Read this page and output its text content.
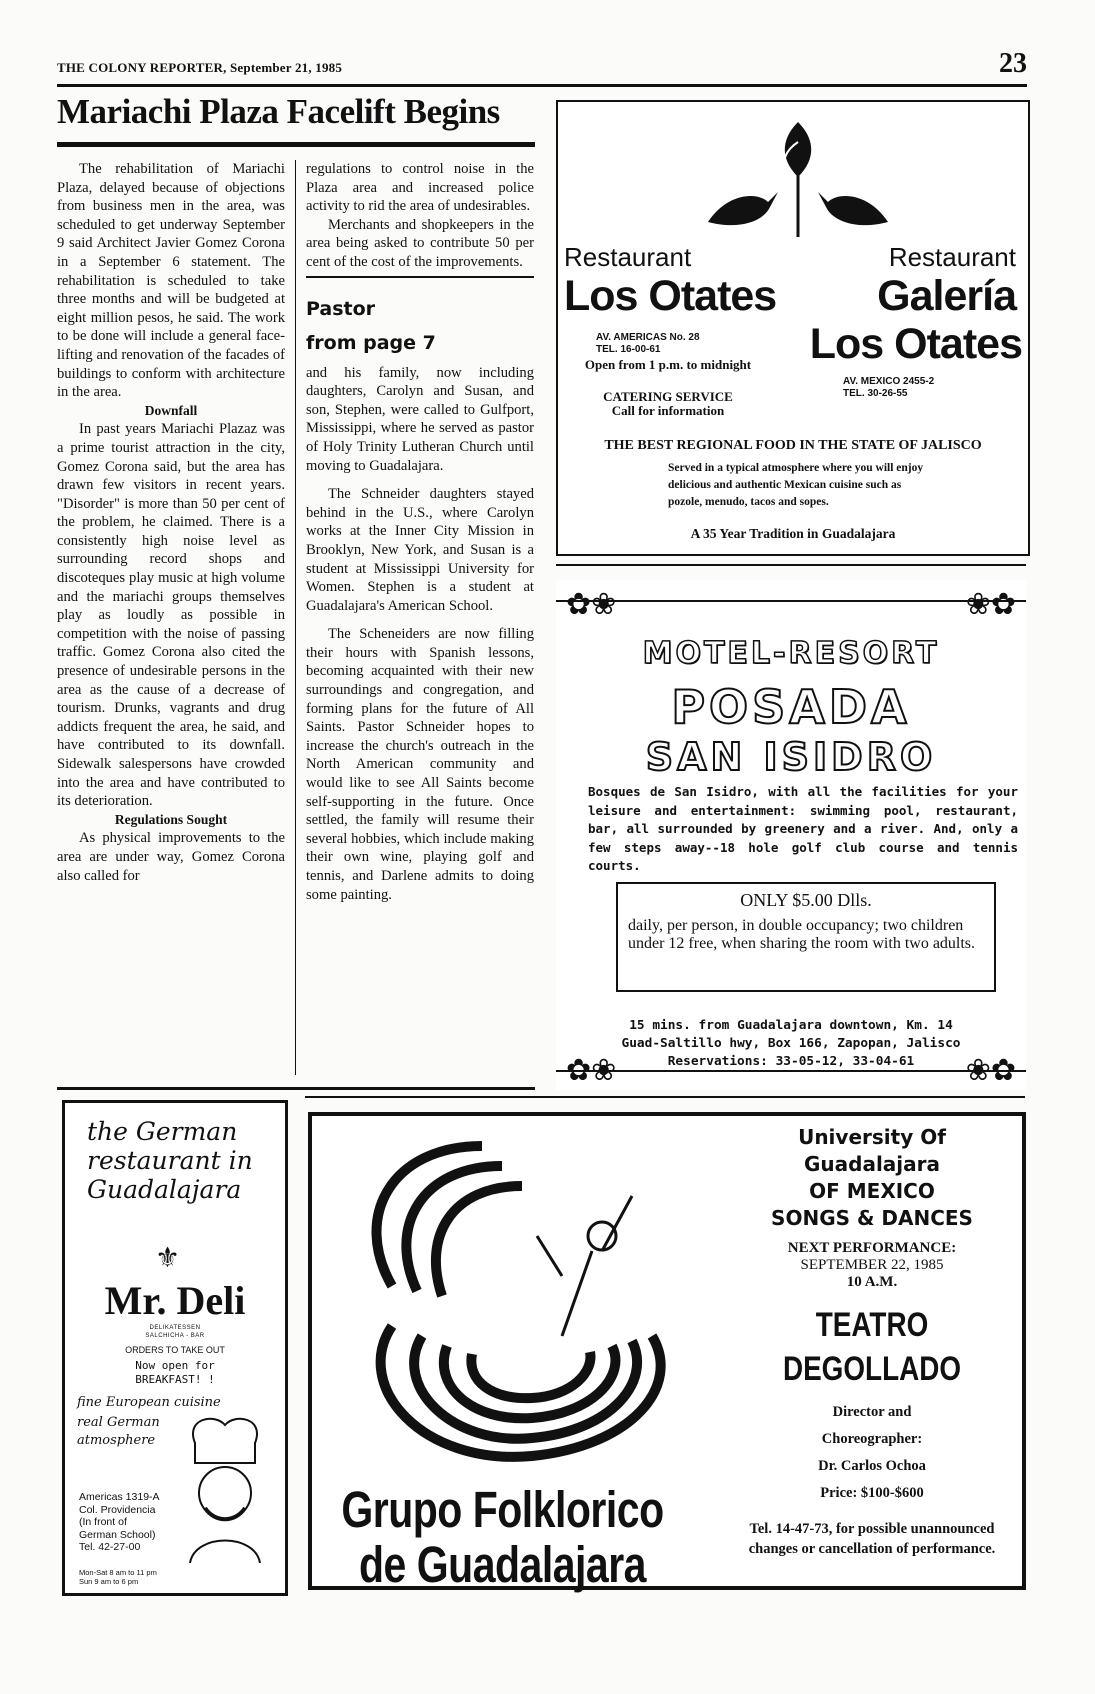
THE COLONY REPORTER, September 21, 1985	23
Mariachi Plaza Facelift Begins

The rehabilitation of Mariachi Plaza, delayed because of objections from business men in the area, was scheduled to get underway September 9 said Architect Javier Gomez Corona in a September 6 statement. The rehabilitation is scheduled to take three months and will be budgeted at eight million pesos, he said. The work to be done will include a general face-lifting and renovation of the facades of buildings to conform with architecture in the area.

Downfall

In past years Mariachi Plazaz was a prime tourist attraction in the city, Gomez Corona said, but the area has drawn few visitors in recent years. "Disorder" is more than 50 per cent of the problem, he claimed. There is a consistently high noise level as surrounding record shops and discoteques play music at high volume and the mariachi groups themselves play as loudly as possible in competition with the noise of passing traffic. Gomez Corona also cited the presence of undesirable persons in the area as the cause of a decrease of tourism. Drunks, vagrants and drug addicts frequent the area, he said, and have contributed to its downfall. Sidewalk salespersons have crowded into the area and have contributed to its deterioration.

Regulations Sought

As physical improvements to the area are under way, Gomez Corona also called for

regulations to control noise in the Plaza area and increased police activity to rid the area of undesirables.

Merchants and shopkeepers in the area being asked to contribute 50 per cent of the cost of the improvements.

Pastor
from page 7

and his family, now including daughters, Carolyn and Susan, and son, Stephen, were called to Gulfport, Mississippi, where he served as pastor of Holy Trinity Lutheran Church until moving to Guadalajara.

The Schneider daughters stayed behind in the U.S., where Carolyn works at the Inner City Mission in Brooklyn, New York, and Susan is a student at Mississippi University for Women. Stephen is a student at Guadalajara's American School.

The Scheneiders are now filling their hours with Spanish lessons, becoming acquainted with their new surroundings and congregation, and forming plans for the future of All Saints. Pastor Schneider hopes to increase the church's outreach in the North American community and would like to see All Saints become self-supporting in the future. Once settled, the family will resume their several hobbies, which include making their own wine, playing golf and tennis, and Darlene admits to doing some painting.

Restaurant
Los Otates
AV. AMERICAS No. 28
TEL. 16-00-61
Open from 1 p.m. to midnight
CATERING SERVICE
Call for information
Restaurant
Galería
Los Otates
AV. MEXICO 2455-2
TEL. 30-26-55
THE BEST REGIONAL FOOD IN THE STATE OF JALISCO
Served in a typical atmosphere where you will enjoy delicious and authentic Mexican cuisine such as pozole, menudo, tacos and sopes.
A 35 Year Tradition in Guadalajara
✿❀	❀✿
MOTEL-RESORT
POSADA
SAN ISIDRO
Bosques de San Isidro, with all the facilities for your leisure and entertainment: swimming pool, restaurant, bar, all surrounded by greenery and a river. And, only a few steps away--18 hole golf club course and tennis courts.
ONLY $5.00 Dlls.
daily, per person, in double occupancy; two children under 12 free, when sharing the room with two adults.
15 mins. from Guadalajara downtown, Km. 14
Guad-Saltillo hwy, Box 166, Zapopan, Jalisco
Reservations: 33-05-12, 33-04-61
✿❀	❀✿
the German restaurant in Guadalajara
⚜
Mr. Deli
DELIKATESSEN
SALCHICHA - BAR
ORDERS TO TAKE OUT
Now open for
BREAKFAST! !
fine European cuisine
real German
atmosphere
Americas 1319-A
Col. Providencia
(In front of
German School)
Tel. 42-27-00
Mon-Sat 8 am to 11 pm
Sun 9 am to 6 pm
Grupo Folklorico
de Guadalajara
University Of
Guadalajara
OF MEXICO
SONGS & DANCES
NEXT PERFORMANCE:
SEPTEMBER 22, 1985
10 A.M.
TEATRO
DEGOLLADO
Director and
Choreographer:
Dr. Carlos Ochoa
Price: $100-$600
Tel. 14-47-73, for possible unannounced changes or cancellation of performance.
